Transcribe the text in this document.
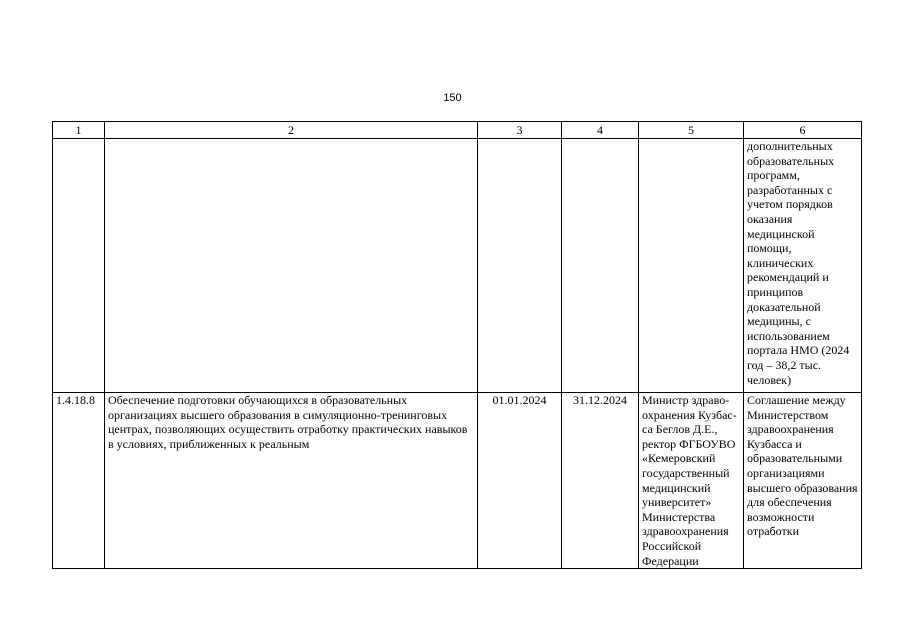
150
1	2	3	4	5	6
					дополнительных образовательных программ, разработанных с учетом порядков оказания медицинской помощи, клинических рекомендаций и принципов доказательной медицины, с использованием портала НМО (2024 год – 38,2 тыс. человек)
1.4.18.8	Обеспечение подготовки обучающихся в образовательных организациях высшего образования в симуляционно-тренинговых центрах, позволяющих осуществить отработку практических навыков в условиях, приближенных к реальным	01.01.2024	31.12.2024	Министр здраво-охранения Кузбас-са Беглов Д.Е., ректор ФГБОУВО «Кемеровский государственный медицинский университет» Министерства здравоохранения Российской Федерации	Соглашение между Министерством здравоохранения Кузбасса и образовательными организациями высшего образования для обеспечения возможности отработки
